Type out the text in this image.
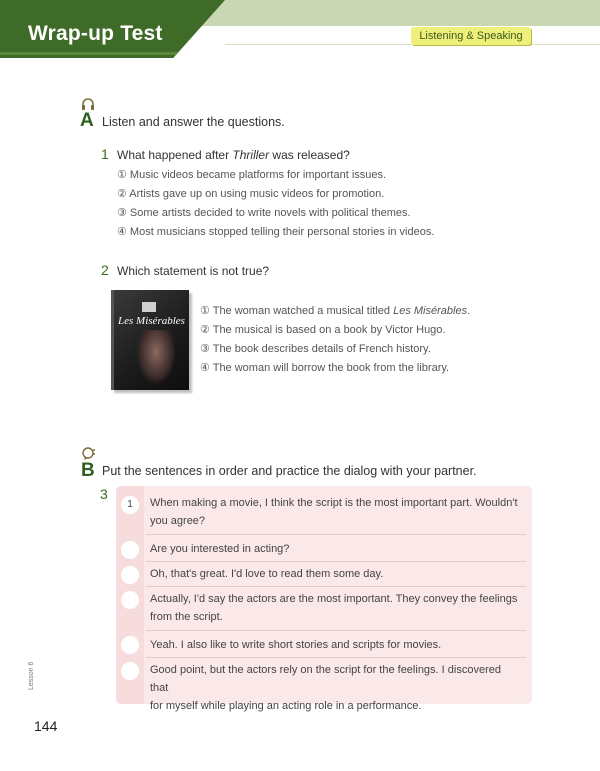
Wrap-up Test	Listening & Speaking
A Listen and answer the questions.
1 What happened after Thriller was released?
① Music videos became platforms for important issues.
② Artists gave up on using music videos for promotion.
③ Some artists decided to write novels with political themes.
④ Most musicians stopped telling their personal stories in videos.
2 Which statement is not true?
Les Misérables
① The woman watched a musical titled Les Misérables.
② The musical is based on a book by Victor Hugo.
③ The book describes details of French history.
④ The woman will borrow the book from the library.
B Put the sentences in order and practice the dialog with your partner.
3
1	When making a movie, I think the script is the most important part. Wouldn't
you agree?
Are you interested in acting?
Oh, that's great. I'd love to read them some day.
Actually, I'd say the actors are the most important. They convey the feelings
from the script.
Yeah. I also like to write short stories and scripts for movies.
Good point, but the actors rely on the script for the feelings. I discovered that
for myself while playing an acting role in a performance.
Lesson 6
144
